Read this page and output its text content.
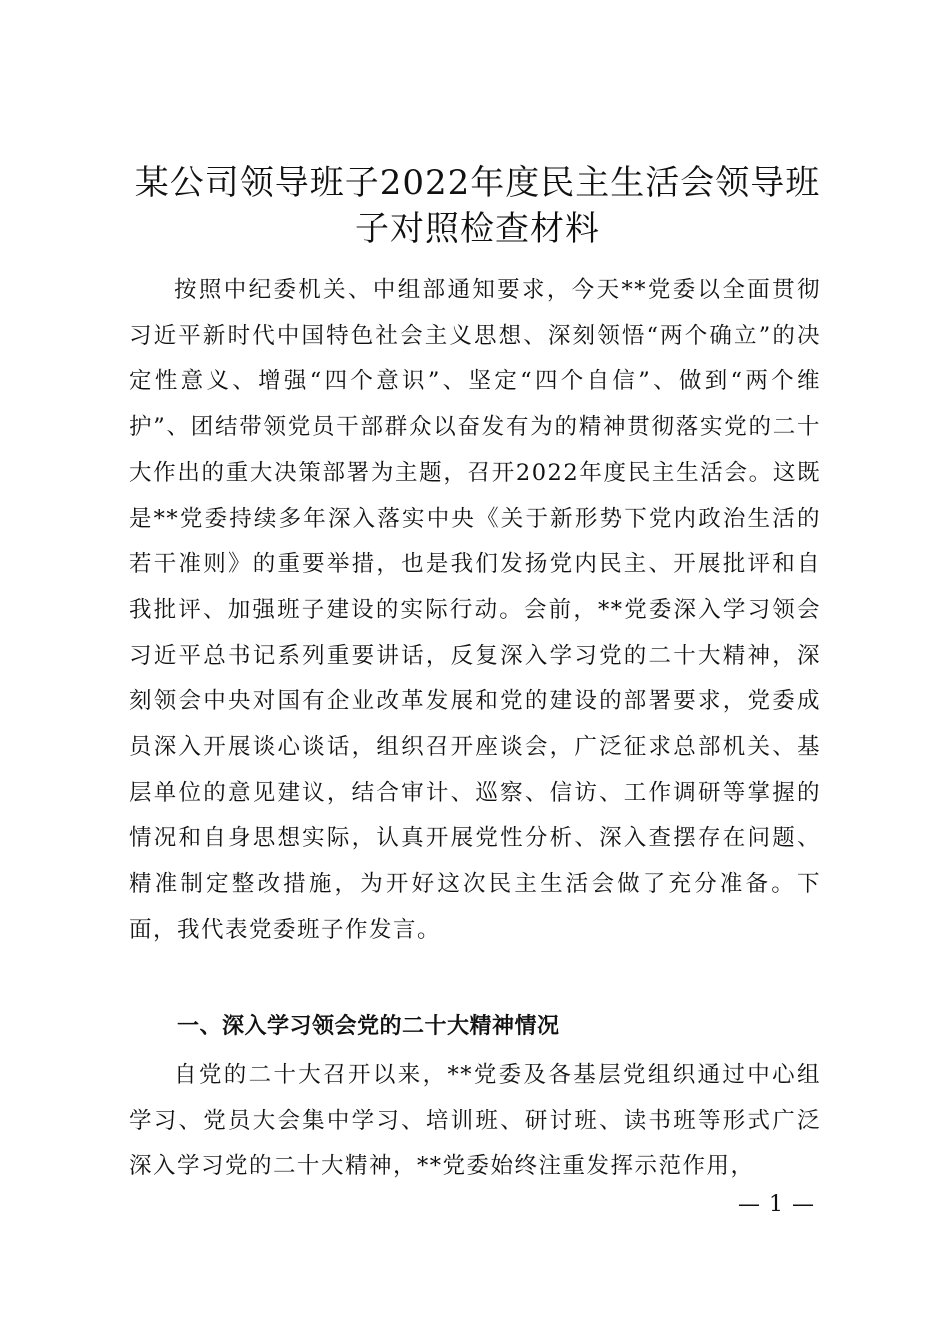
某公司领导班子2022年度民主生活会领导班子对照检查材料

按照中纪委机关、中组部通知要求，今天**党委以全面贯彻习近平新时代中国特色社会主义思想、深刻领悟“两个确立”的决定性意义、增强“四个意识”、坚定“四个自信”、做到“两个维护”、团结带领党员干部群众以奋发有为的精神贯彻落实党的二十大作出的重大决策部署为主题，召开2022年度民主生活会。这既是**党委持续多年深入落实中央《关于新形势下党内政治生活的若干准则》的重要举措，也是我们发扬党内民主、开展批评和自我批评、加强班子建设的实际行动。会前，**党委深入学习领会习近平总书记系列重要讲话，反复深入学习党的二十大精神，深刻领会中央对国有企业改革发展和党的建设的部署要求，党委成员深入开展谈心谈话，组织召开座谈会，广泛征求总部机关、基层单位的意见建议，结合审计、巡察、信访、工作调研等掌握的情况和自身思想实际，认真开展党性分析、深入查摆存在问题、精准制定整改措施，为开好这次民主生活会做了充分准备。下面，我代表党委班子作发言。

一、深入学习领会党的二十大精神情况

自党的二十大召开以来，**党委及各基层党组织通过中心组学习、党员大会集中学习、培训班、研讨班、读书班等形式广泛深入学习党的二十大精神，**党委始终注重发挥示范作用，

— 1 —
